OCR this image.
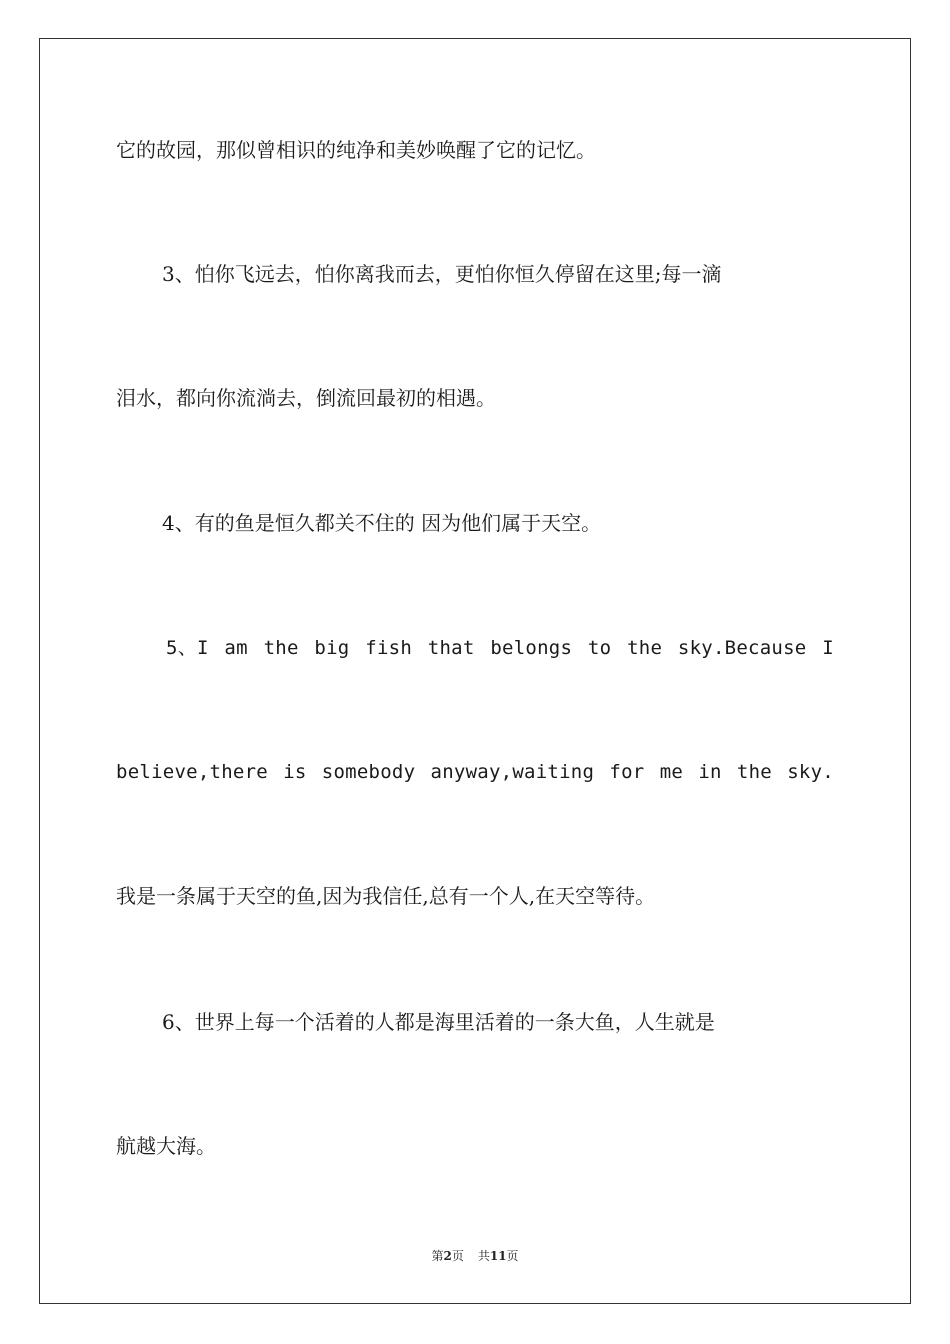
它的故园，那似曾相识的纯净和美妙唤醒了它的记忆。
3、怕你飞远去，怕你离我而去，更怕你恒久停留在这里;每一滴
泪水，都向你流淌去，倒流回最初的相遇。
4、有的鱼是恒久都关不住的 因为他们属于天空。
5、I am the big fish that belongs to the sky.Because I
believe,there is somebody anyway,waiting for me in the sky.
我是一条属于天空的鱼,因为我信任,总有一个人,在天空等待。
6、世界上每一个活着的人都是海里活着的一条大鱼，人生就是
航越大海。
第2页 共11页
